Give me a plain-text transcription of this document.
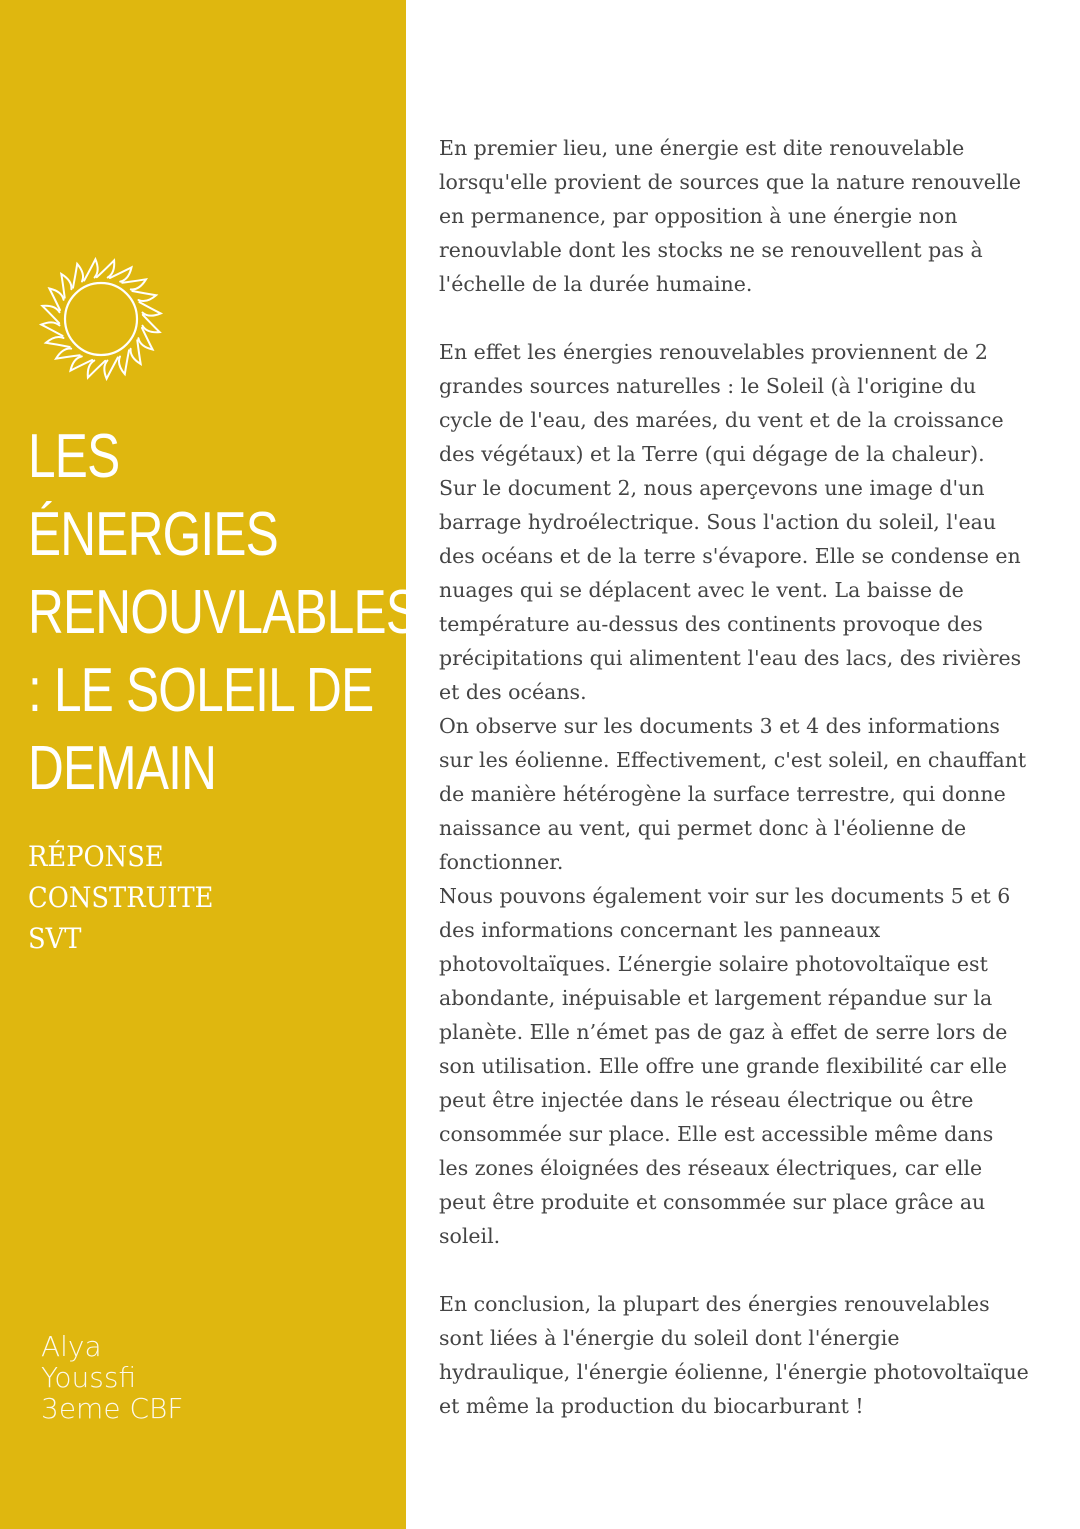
LES
ÉNERGIES
RENOUVLABLES
: LE SOLEIL DE
DEMAIN
RÉPONSE
CONSTRUITE
SVT
Alya
Youssfi
3eme CBF

En premier lieu, une énergie est dite renouvelable
lorsqu'elle provient de sources que la nature renouvelle
en permanence, par opposition à une énergie non
renouvlable dont les stocks ne se renouvellent pas à
l'échelle de la durée humaine.

En effet les énergies renouvelables proviennent de 2
grandes sources naturelles : le Soleil (à l'origine du
cycle de l'eau, des marées, du vent et de la croissance
des végétaux) et la Terre (qui dégage de la chaleur).
Sur le document 2, nous aperçevons une image d'un
barrage hydroélectrique. Sous l'action du soleil, l'eau
des océans et de la terre s'évapore. Elle se condense en
nuages qui se déplacent avec le vent. La baisse de
température au-dessus des continents provoque des
précipitations qui alimentent l'eau des lacs, des rivières
et des océans.
On observe sur les documents 3 et 4 des informations
sur les éolienne. Effectivement, c'est soleil, en chauffant
de manière hétérogène la surface terrestre, qui donne
naissance au vent, qui permet donc à l'éolienne de
fonctionner.
Nous pouvons également voir sur les documents 5 et 6
des informations concernant les panneaux
photovoltaïques. L’énergie solaire photovoltaïque est
abondante, inépuisable et largement répandue sur la
planète. Elle n’émet pas de gaz à effet de serre lors de
son utilisation. Elle offre une grande flexibilité car elle
peut être injectée dans le réseau électrique ou être
consommée sur place. Elle est accessible même dans
les zones éloignées des réseaux électriques, car elle
peut être produite et consommée sur place grâce au
soleil.

En conclusion, la plupart des énergies renouvelables
sont liées à l'énergie du soleil dont l'énergie
hydraulique, l'énergie éolienne, l'énergie photovoltaïque
et même la production du biocarburant !
